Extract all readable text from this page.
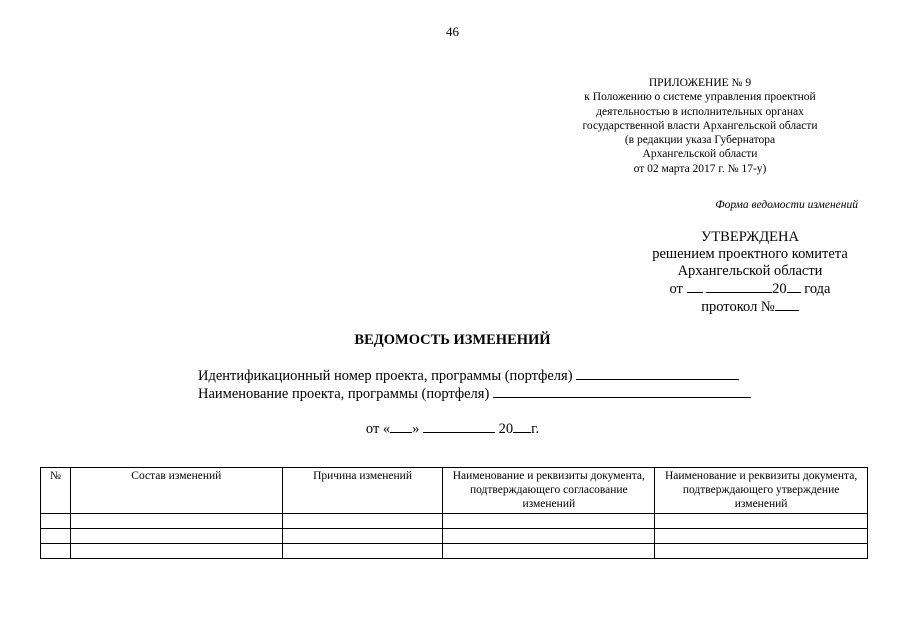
46
ПРИЛОЖЕНИЕ № 9
к Положению о системе управления проектной
деятельностью в исполнительных органах
государственной власти Архангельской области
(в редакции указа Губернатора
Архангельской области
от 02 марта 2017 г. № 17-у)
Форма ведомости изменений
УТВЕРЖДЕНА
решением проектного комитета
Архангельской области
от	20 года
протокол №
ВЕДОМОСТЬ ИЗМЕНЕНИЙ
Идентификационный номер проекта, программы (портфеля)
Наименование проекта, программы (портфеля)
от « »	20 г.
№	Состав изменений	Причина изменений	Наименование и реквизиты документа, подтверждающего согласование изменений	Наименование и реквизиты документа, подтверждающего утверждение изменений
